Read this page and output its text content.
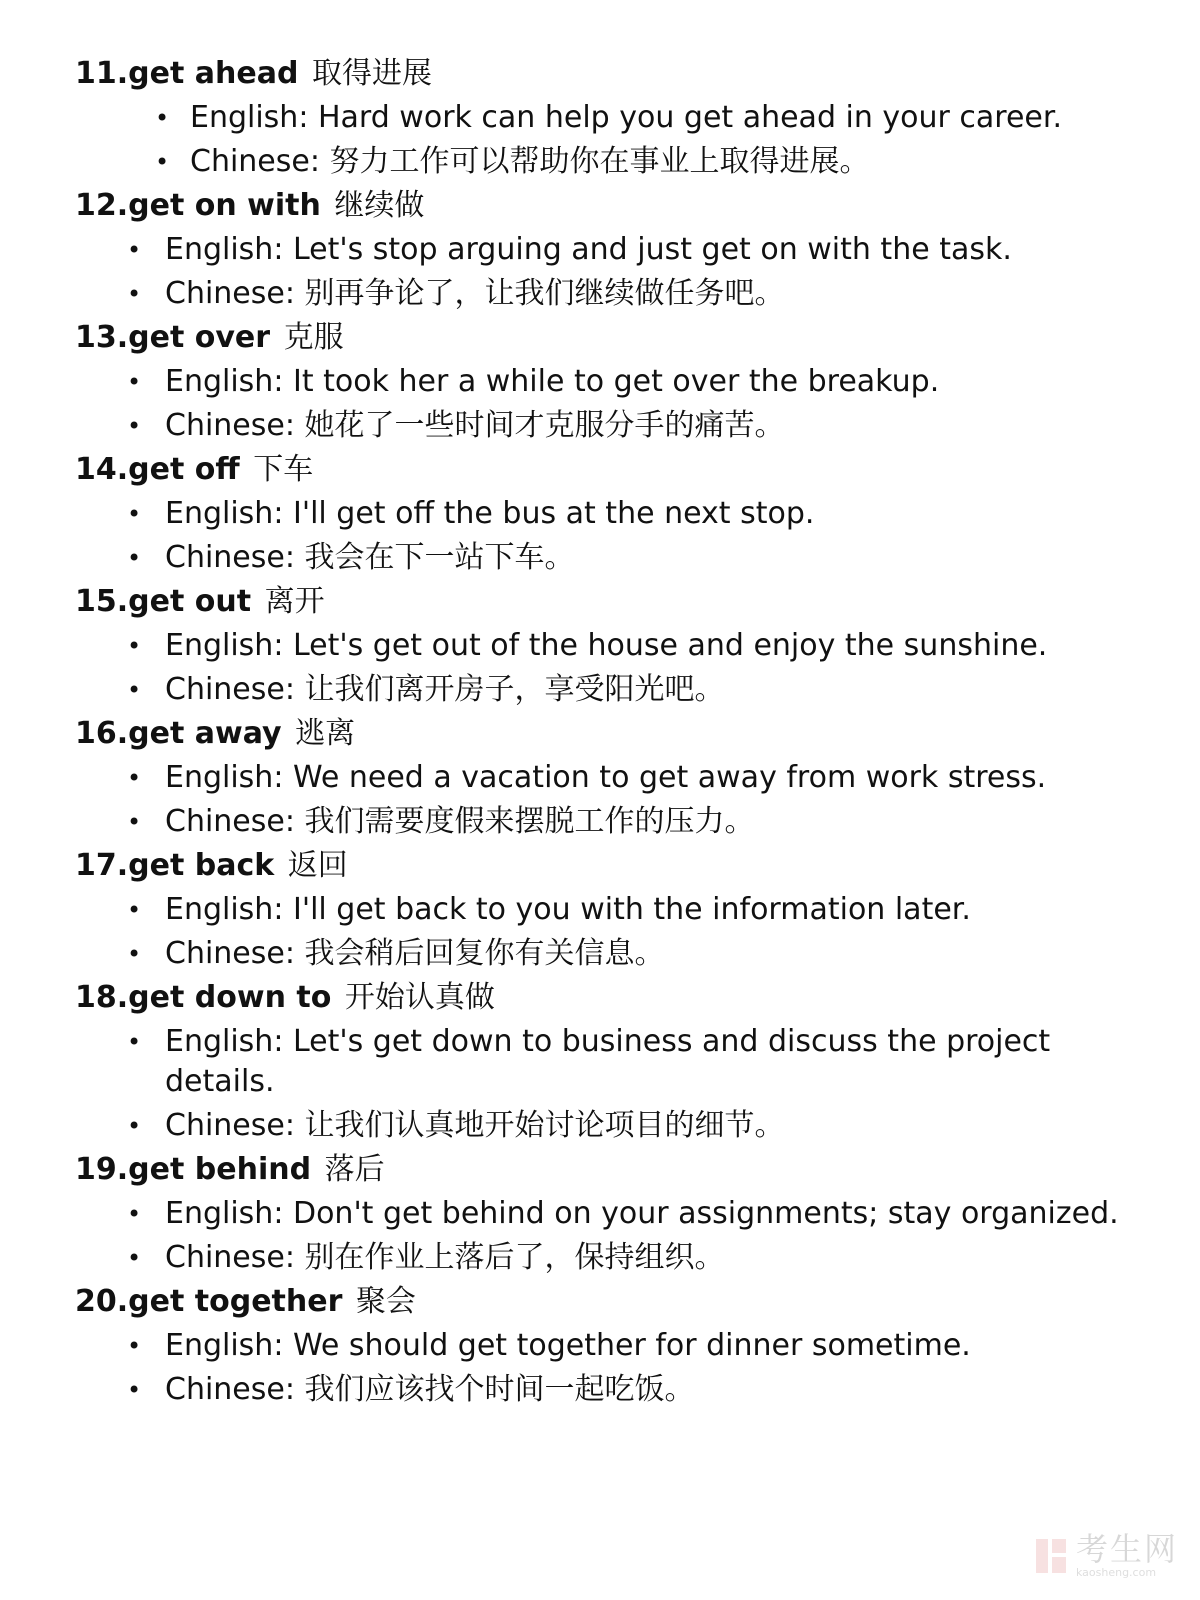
11.get ahead 取得进展
• English: Hard work can help you get ahead in your career.
• Chinese: 努力工作可以帮助你在事业上取得进展。
12.get on with 继续做
• English: Let's stop arguing and just get on with the task.
• Chinese: 别再争论了，让我们继续做任务吧。
13.get over 克服
• English: It took her a while to get over the breakup.
• Chinese: 她花了一些时间才克服分手的痛苦。
14.get off 下车
• English: I'll get off the bus at the next stop.
• Chinese: 我会在下一站下车。
15.get out 离开
• English: Let's get out of the house and enjoy the sunshine.
• Chinese: 让我们离开房子，享受阳光吧。
16.get away 逃离
• English: We need a vacation to get away from work stress.
• Chinese: 我们需要度假来摆脱工作的压力。
17.get back 返回
• English: I'll get back to you with the information later.
• Chinese: 我会稍后回复你有关信息。
18.get down to 开始认真做
• English: Let's get down to business and discuss the project details.
• Chinese: 让我们认真地开始讨论项目的细节。
19.get behind 落后
• English: Don't get behind on your assignments; stay organized.
• Chinese: 别在作业上落后了，保持组织。
20.get together 聚会
• English: We should get together for dinner sometime.
• Chinese: 我们应该找个时间一起吃饭。
考生网
kaosheng.com
